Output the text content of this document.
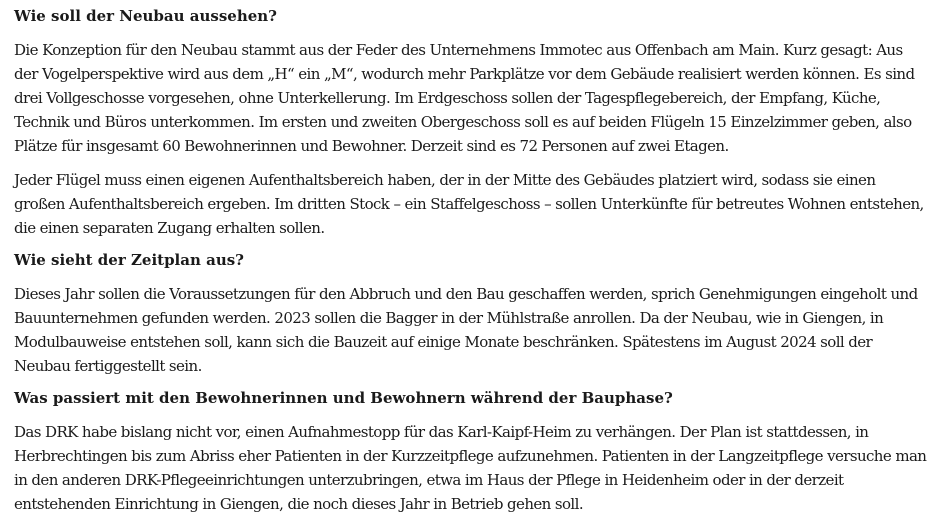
Wie soll der Neubau aussehen?

Die Konzeption für den Neubau stammt aus der Feder des Unternehmens Immotec aus Offenbach am Main. Kurz gesagt: Aus der Vogelperspektive wird aus dem „H“ ein „M“, wodurch mehr Parkplätze vor dem Gebäude realisiert werden können. Es sind drei Vollgeschosse vorgesehen, ohne Unterkellerung. Im Erdgeschoss sollen der Tagespflegebereich, der Empfang, Küche, Technik und Büros unterkommen. Im ersten und zweiten Obergeschoss soll es auf beiden Flügeln 15 Einzelzimmer geben, also Plätze für insgesamt 60 Bewohnerinnen und Bewohner. Derzeit sind es 72 Personen auf zwei Etagen.

Jeder Flügel muss einen eigenen Aufenthaltsbereich haben, der in der Mitte des Gebäudes platziert wird, sodass sie einen großen Aufenthaltsbereich ergeben. Im dritten Stock – ein Staffelgeschoss – sollen Unterkünfte für betreutes Wohnen entstehen, die einen separaten Zugang erhalten sollen.

Wie sieht der Zeitplan aus?

Dieses Jahr sollen die Voraussetzungen für den Abbruch und den Bau geschaffen werden, sprich Genehmigungen eingeholt und Bauunternehmen gefunden werden. 2023 sollen die Bagger in der Mühlstraße anrollen. Da der Neubau, wie in Giengen, in Modulbauweise entstehen soll, kann sich die Bauzeit auf einige Monate beschränken. Spätestens im August 2024 soll der Neubau fertiggestellt sein.

Was passiert mit den Bewohnerinnen und Bewohnern während der Bauphase?

Das DRK habe bislang nicht vor, einen Aufnahmestopp für das Karl-Kaipf-Heim zu verhängen. Der Plan ist stattdessen, in Herbrechtingen bis zum Abriss eher Patienten in der Kurzzeitpflege aufzunehmen. Patienten in der Langzeitpflege versuche man in den anderen DRK-Pflegeeinrichtungen unterzubringen, etwa im Haus der Pflege in Heidenheim oder in der derzeit entstehenden Einrichtung in Giengen, die noch dieses Jahr in Betrieb gehen soll.
